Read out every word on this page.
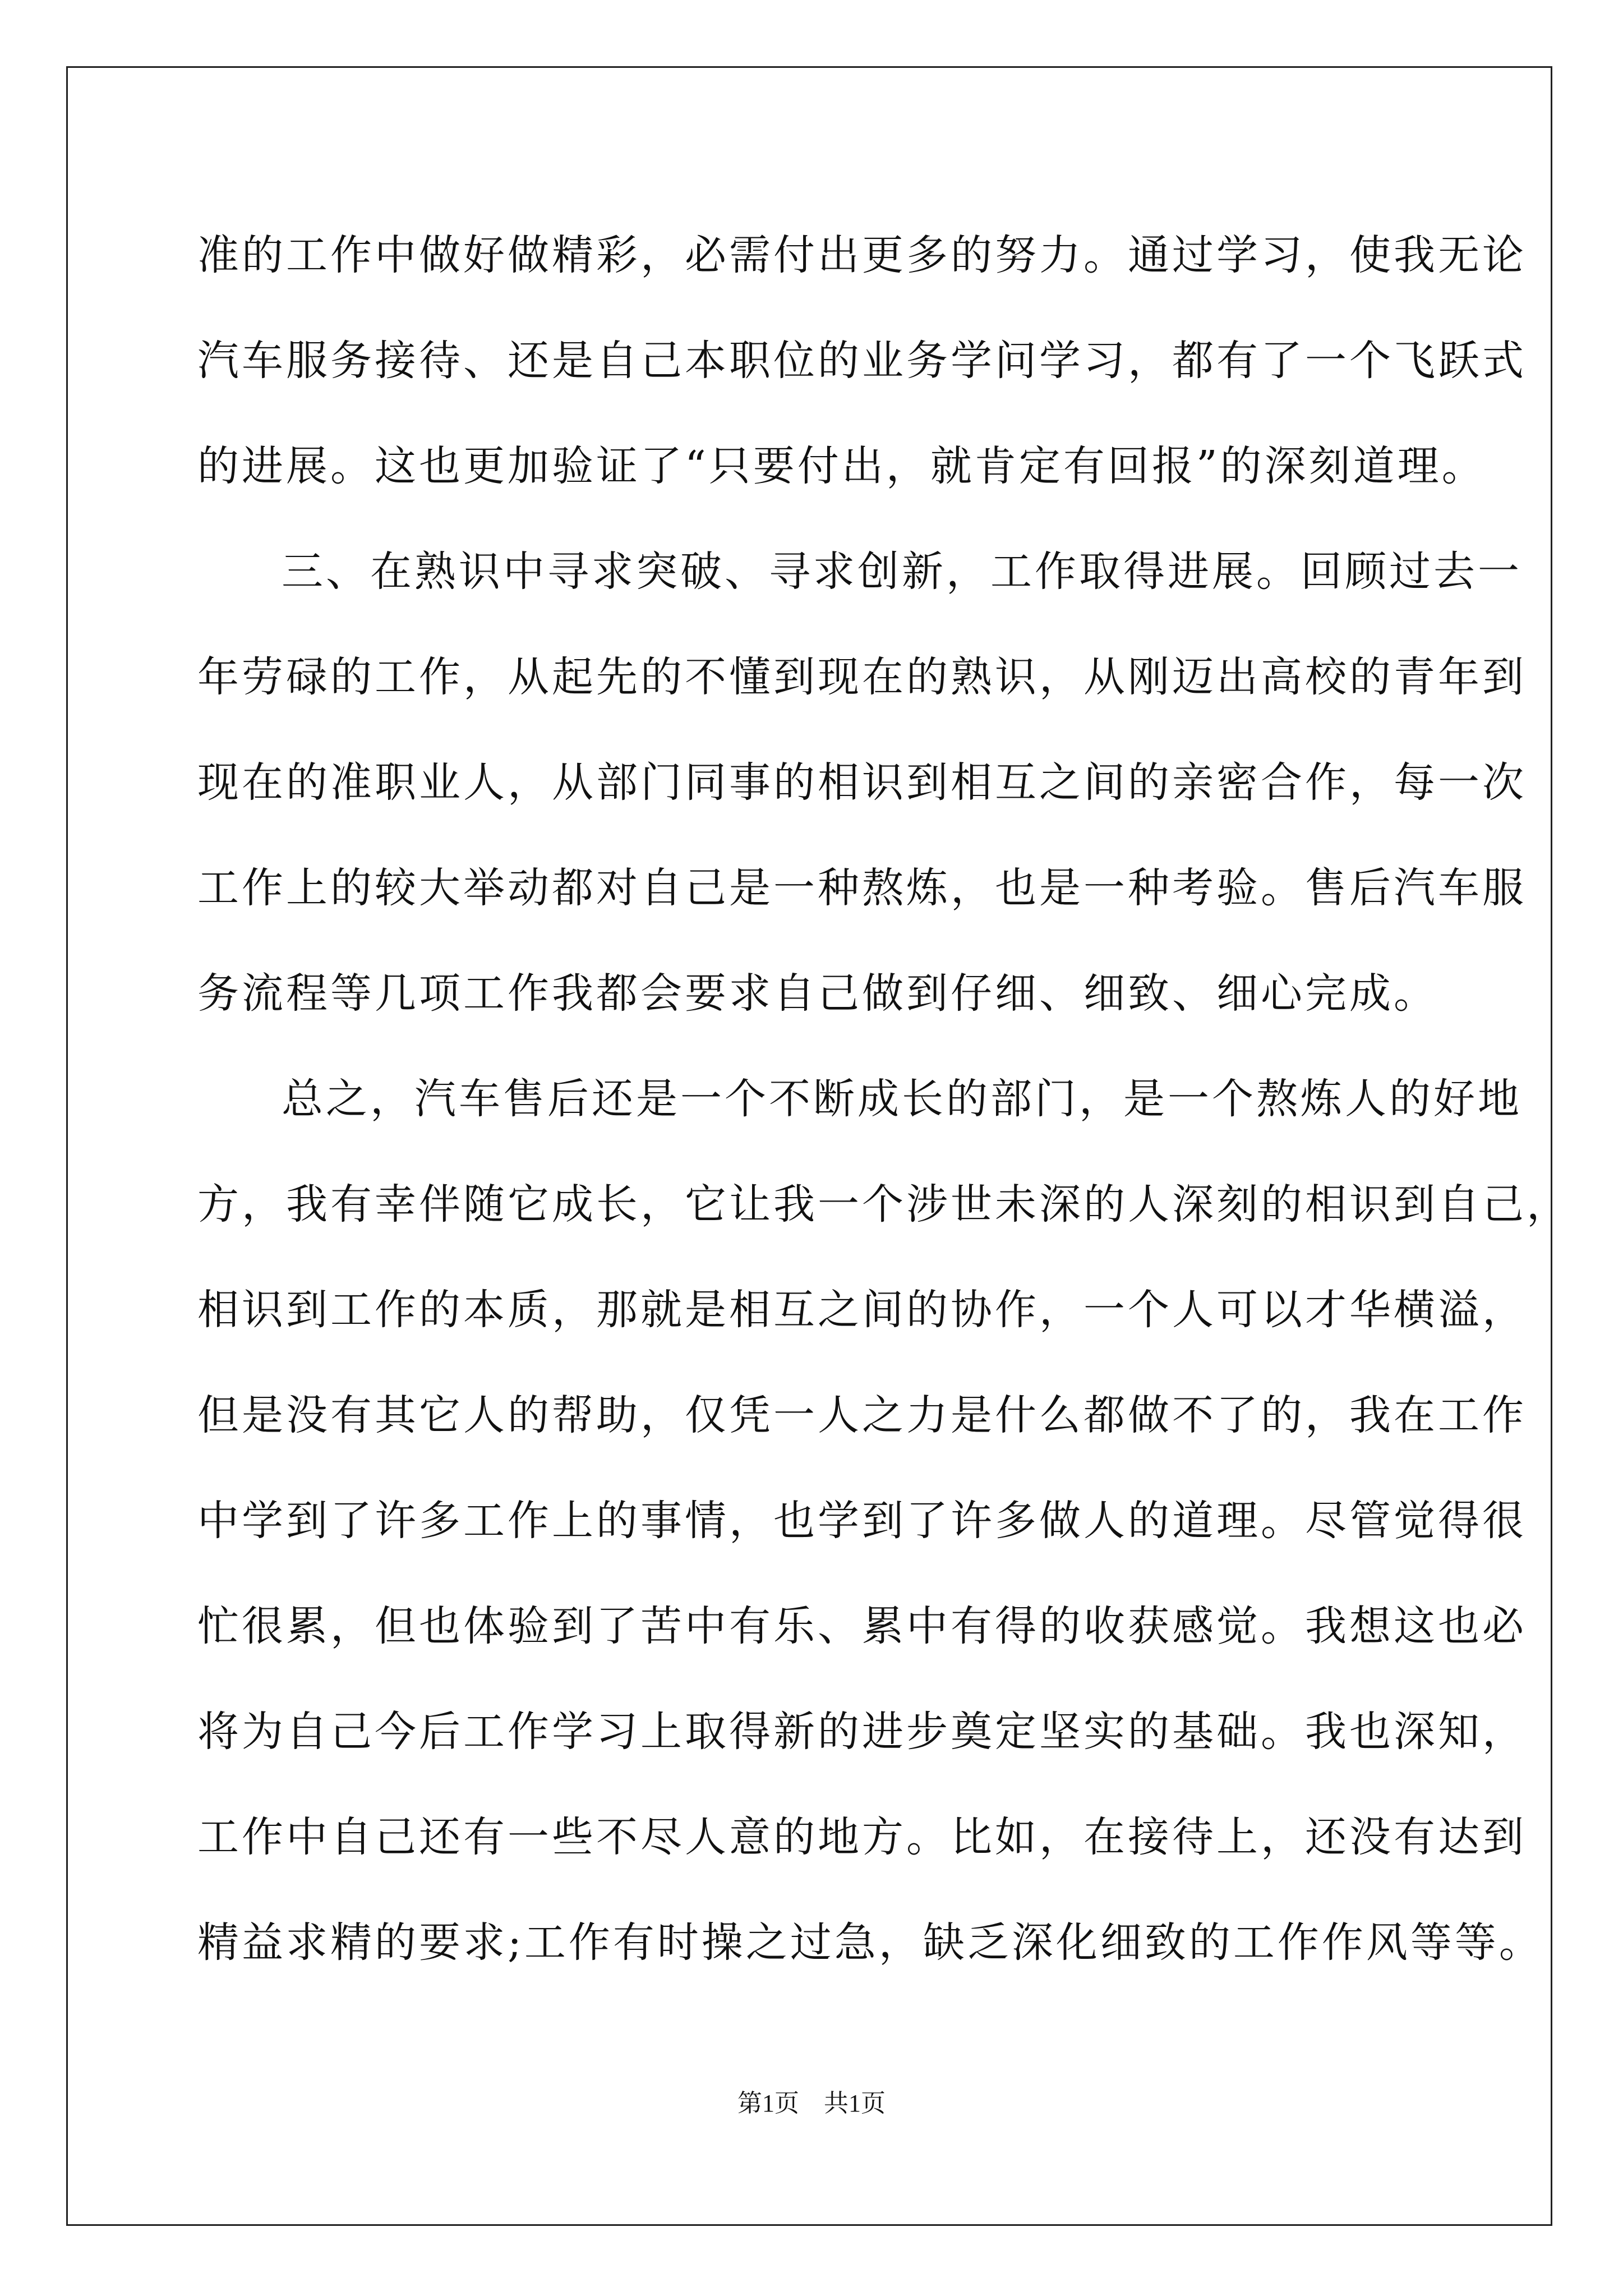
准的工作中做好做精彩，必需付出更多的努力。通过学习，使我无论
汽车服务接待、还是自己本职位的业务学问学习，都有了一个飞跃式
的进展。这也更加验证了“只要付出，就肯定有回报”的深刻道理。
三、在熟识中寻求突破、寻求创新，工作取得进展。回顾过去一
年劳碌的工作，从起先的不懂到现在的熟识，从刚迈出高校的青年到
现在的准职业人，从部门同事的相识到相互之间的亲密合作，每一次
工作上的较大举动都对自己是一种熬炼，也是一种考验。售后汽车服
务流程等几项工作我都会要求自己做到仔细、细致、细心完成。
总之，汽车售后还是一个不断成长的部门，是一个熬炼人的好地
方，我有幸伴随它成长，它让我一个涉世未深的人深刻的相识到自己，
相识到工作的本质，那就是相互之间的协作，一个人可以才华横溢，
但是没有其它人的帮助，仅凭一人之力是什么都做不了的，我在工作
中学到了许多工作上的事情，也学到了许多做人的道理。尽管觉得很
忙很累，但也体验到了苦中有乐、累中有得的收获感觉。我想这也必
将为自己今后工作学习上取得新的进步奠定坚实的基础。我也深知，
工作中自己还有一些不尽人意的地方。比如，在接待上，还没有达到
精益求精的要求;工作有时操之过急，缺乏深化细致的工作作风等等。
第1页 共1页
